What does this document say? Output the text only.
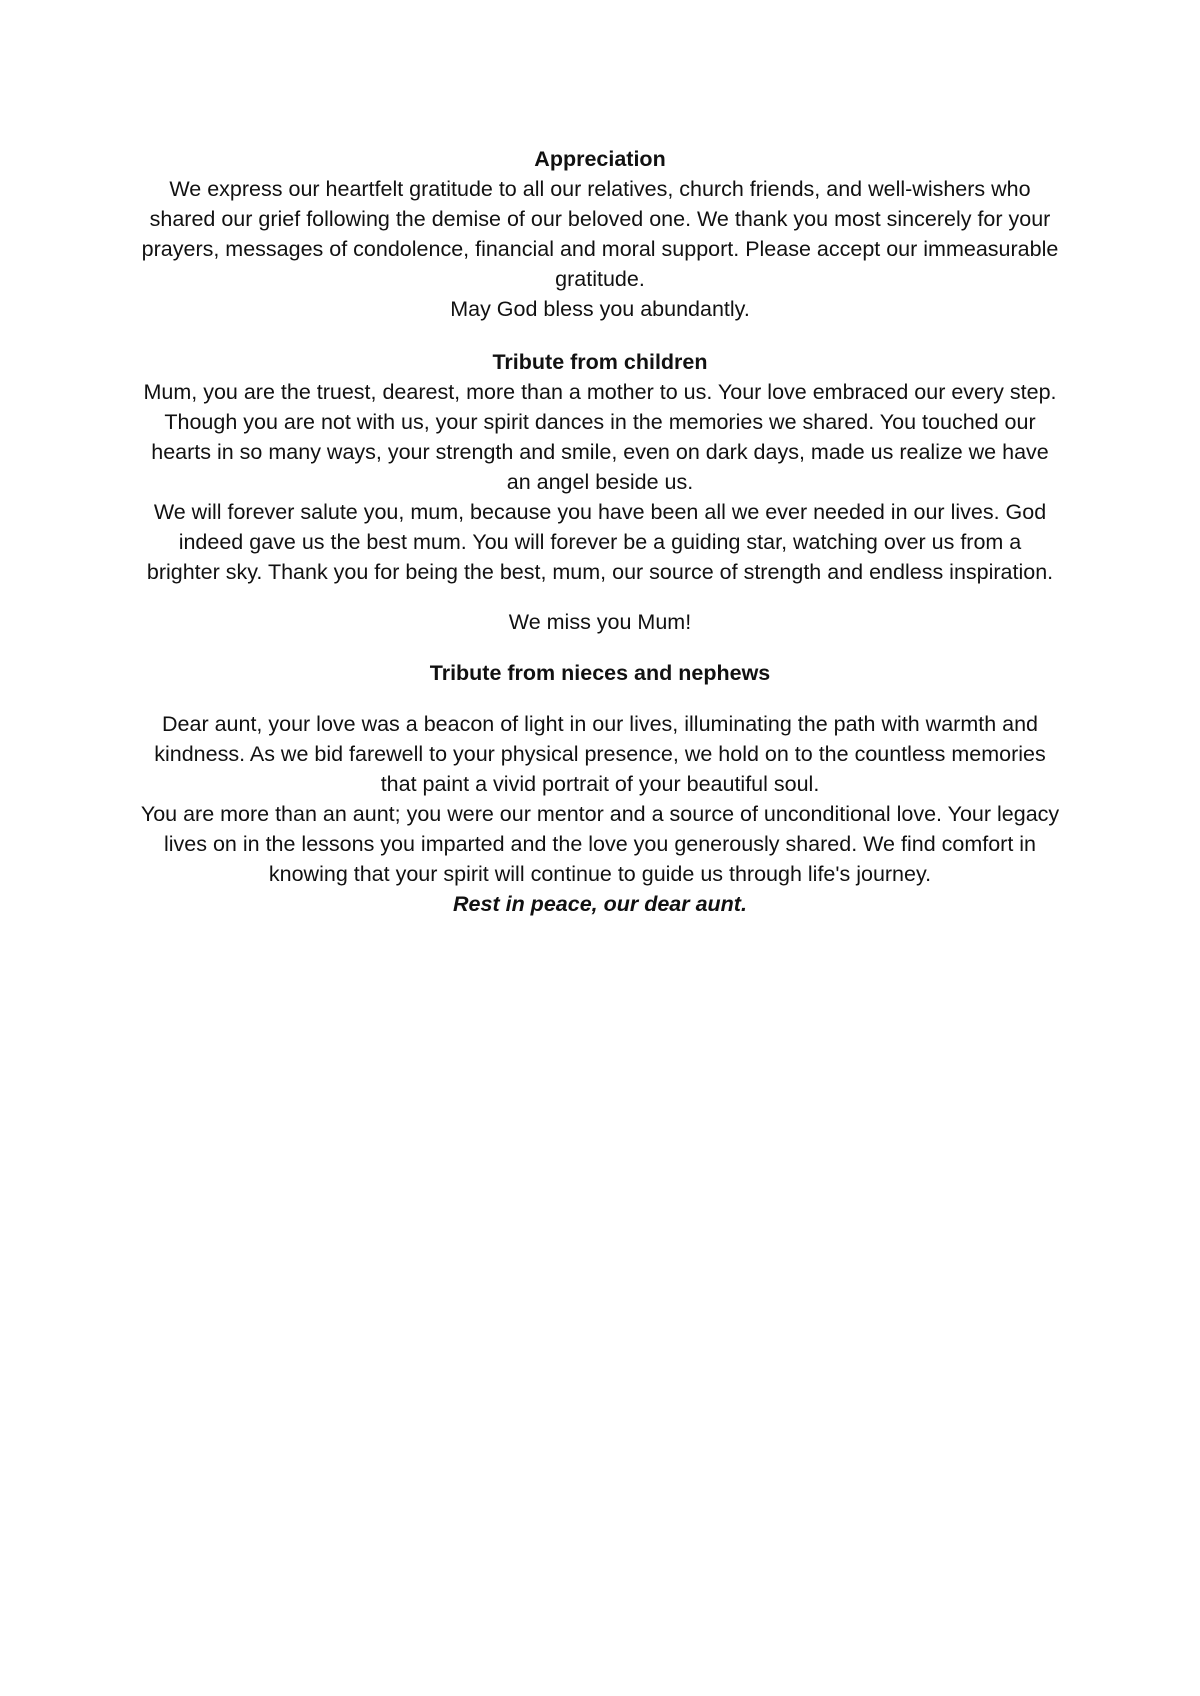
Appreciation

We express our heartfelt gratitude to all our relatives, church friends, and well-wishers who shared our grief following the demise of our beloved one. We thank you most sincerely for your prayers, messages of condolence, financial and moral support. Please accept our immeasurable gratitude.

May God bless you abundantly.

Tribute from children

Mum, you are the truest, dearest, more than a mother to us. Your love embraced our every step. Though you are not with us, your spirit dances in the memories we shared. You touched our hearts in so many ways, your strength and smile, even on dark days, made us realize we have an angel beside us.

We will forever salute you, mum, because you have been all we ever needed in our lives. God indeed gave us the best mum. You will forever be a guiding star, watching over us from a brighter sky. Thank you for being the best, mum, our source of strength and endless inspiration.

We miss you Mum!

Tribute from nieces and nephews

Dear aunt, your love was a beacon of light in our lives, illuminating the path with warmth and kindness. As we bid farewell to your physical presence, we hold on to the countless memories that paint a vivid portrait of your beautiful soul.

You are more than an aunt; you were our mentor and a source of unconditional love. Your legacy lives on in the lessons you imparted and the love you generously shared. We find comfort in knowing that your spirit will continue to guide us through life's journey.

Rest in peace, our dear aunt.
